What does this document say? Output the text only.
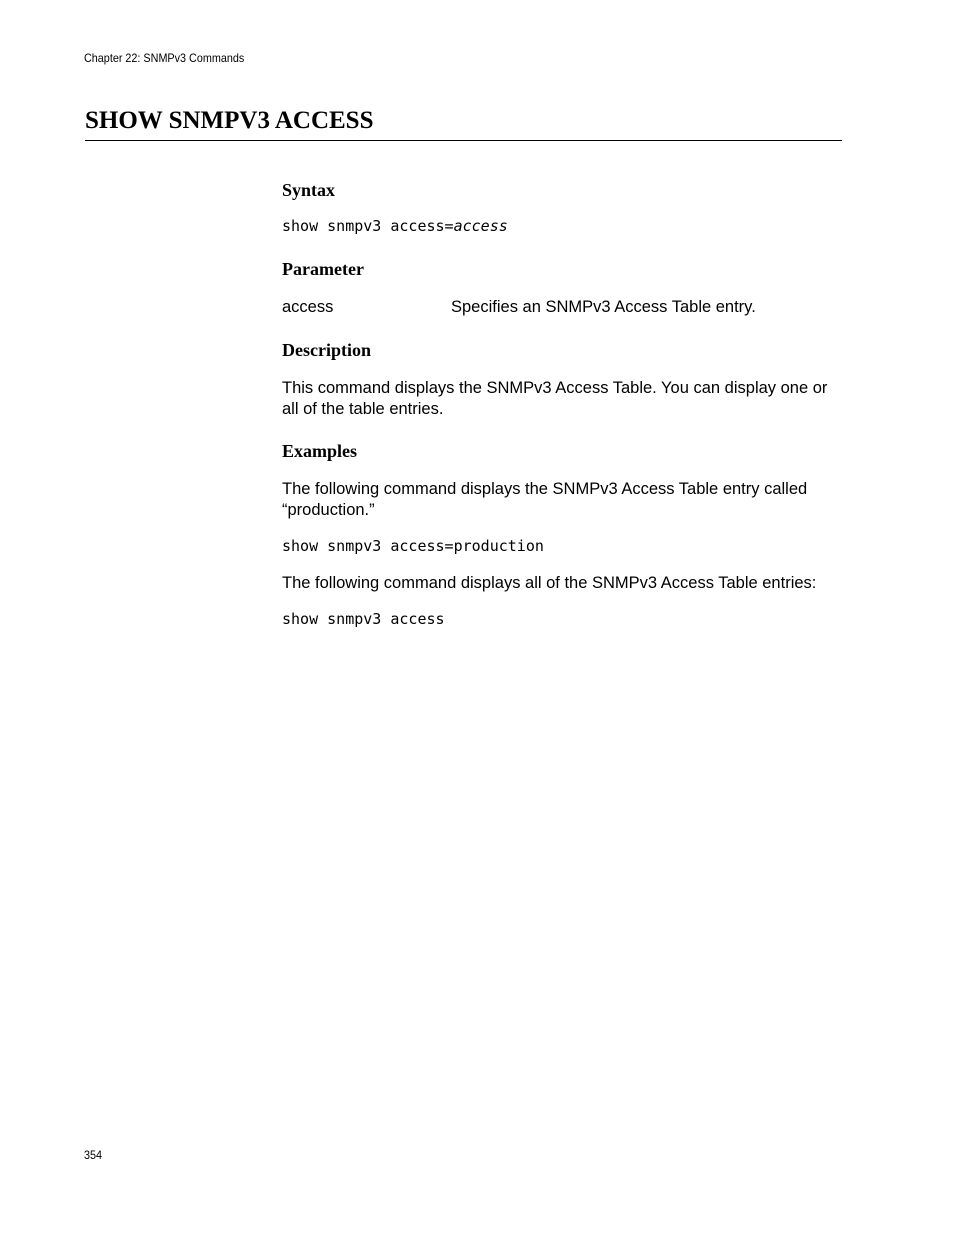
Chapter 22: SNMPv3 Commands
SHOW SNMPV3 ACCESS
Syntax
show snmpv3 access=access
Parameter
access	Specifies an SNMPv3 Access Table entry.
Description

This command displays the SNMPv3 Access Table. You can display one or all of the table entries.

Examples

The following command displays the SNMPv3 Access Table entry called “production.”

show snmpv3 access=production

The following command displays all of the SNMPv3 Access Table entries:

show snmpv3 access
354
